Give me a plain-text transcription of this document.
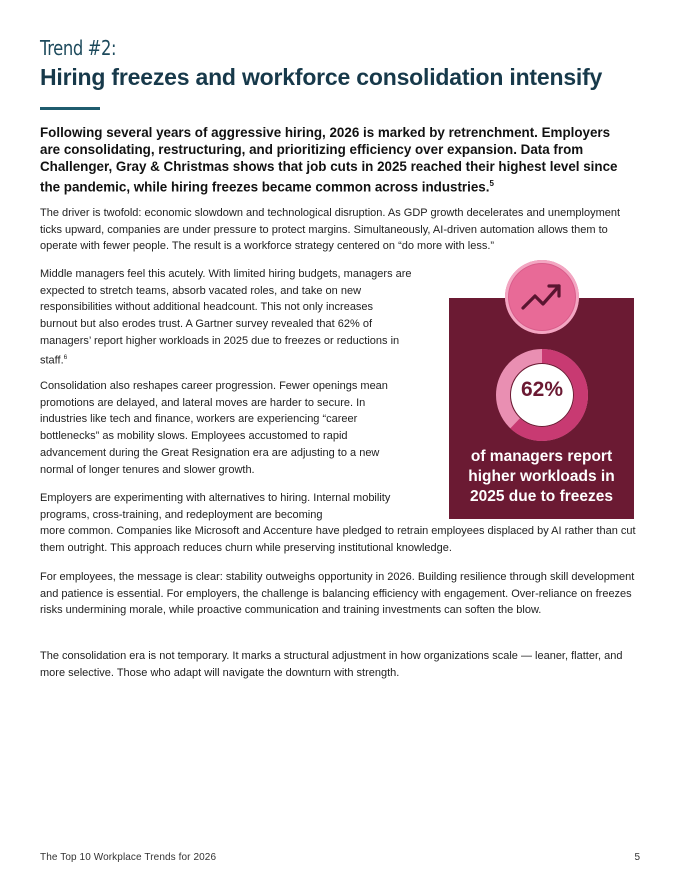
Trend #2:
Hiring freezes and workforce consolidation intensify
Following several years of aggressive hiring, 2026 is marked by retrenchment. Employers are consolidating, restructuring, and prioritizing efficiency over expansion. Data from Challenger, Gray & Christmas shows that job cuts in 2025 reached their highest level since the pandemic, while hiring freezes became common across industries.$^5$
The driver is twofold: economic slowdown and technological disruption. As GDP growth decelerates and unemployment ticks upward, companies are under pressure to protect margins. Simultaneously, AI-driven automation allows them to operate with fewer people. The result is a workforce strategy centered on “do more with less.”
Middle managers feel this acutely. With limited hiring budgets, managers are expected to stretch teams, absorb vacated roles, and take on new responsibilities without additional headcount. This not only increases burnout but also erodes trust. A Gartner survey revealed that 62% of managers’ report higher workloads in 2025 due to freezes or reductions in staff.$^6$
Consolidation also reshapes career progression. Fewer openings mean promotions are delayed, and lateral moves are harder to secure. In industries like tech and finance, workers are experiencing “career bottlenecks” as mobility slows. Employees accustomed to rapid advancement during the Great Resignation era are adjusting to a new normal of longer tenures and slower growth.
Employers are experimenting with alternatives to hiring. Internal mobility programs, cross-training, and redeployment are becoming
more common. Companies like Microsoft and Accenture have pledged to retrain employees displaced by AI rather than cut them outright. This approach reduces churn while preserving institutional knowledge.
For employees, the message is clear: stability outweighs opportunity in 2026. Building resilience through skill development and patience is essential. For employers, the challenge is balancing efficiency with engagement. Over-reliance on freezes risks undermining morale, while proactive communication and training investments can soften the blow.
The consolidation era is not temporary. It marks a structural adjustment in how organizations scale — leaner, flatter, and more selective. Those who adapt will navigate the downturn with strength.
62%
of managers report higher workloads in 2025 due to freezes
The Top 10 Workplace Trends for 2026	5
